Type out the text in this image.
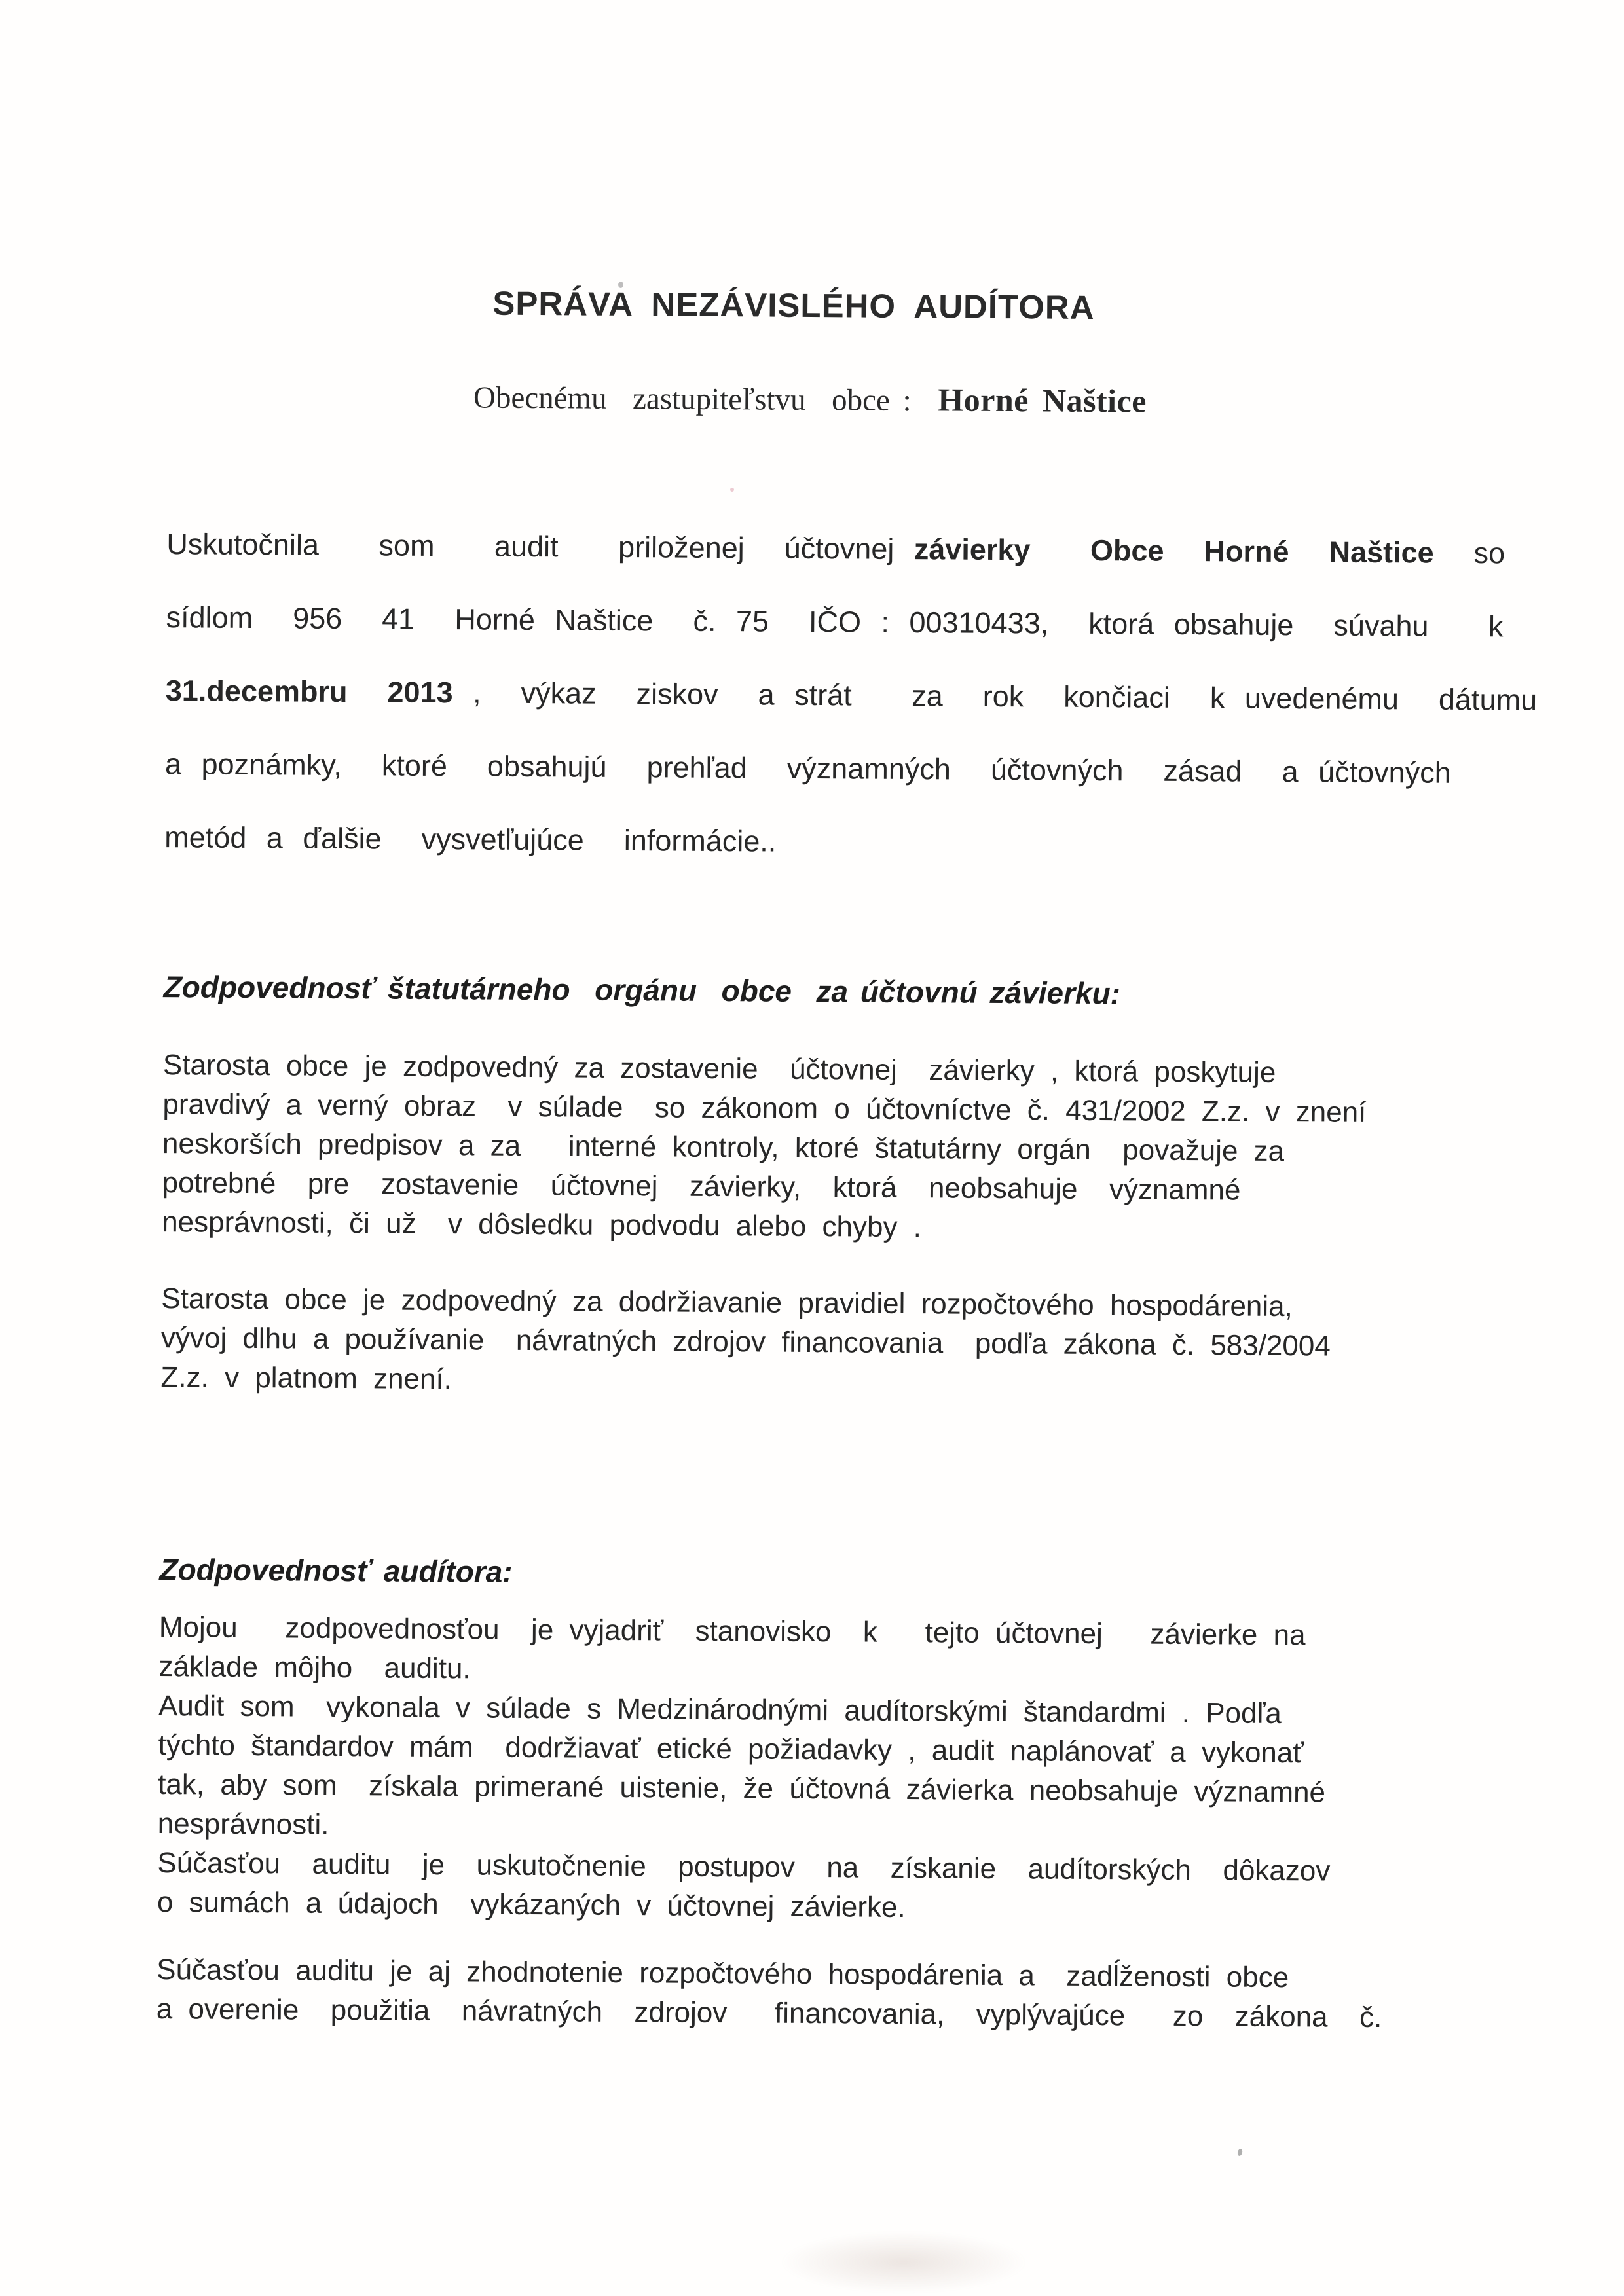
SPRÁVA NEZÁVISLÉHO AUDÍTORA
Obecnému  zastupiteľstvu  obce :  Horné Naštice
Uskutočnila   som   audit   priloženej  účtovnej závierky   Obce  Horné  Naštice  so
sídlom  956  41  Horné Naštice  č. 75  IČO : 00310433,  ktorá obsahuje  súvahu   k
31.decembru  2013 ,  výkaz  ziskov  a strát   za  rok  končiaci  k uvedenému  dátumu
a poznámky,  ktoré  obsahujú  prehľad  významných  účtovných  zásad  a účtovných
metód a ďalšie  vysvetľujúce  informácie..
Zodpovednosť štatutárneho  orgánu  obce  za účtovnú závierku:
Starosta obce je zodpovedný za zostavenie  účtovnej  závierky , ktorá poskytuje
pravdivý a verný obraz  v súlade  so zákonom o účtovníctve č. 431/2002 Z.z. v znení
neskorších predpisov a za   interné kontroly, ktoré štatutárny orgán  považuje za
potrebné  pre  zostavenie  účtovnej  závierky,  ktorá  neobsahuje  významné
nesprávnosti, či už  v dôsledku podvodu alebo chyby .
Starosta obce je zodpovedný za dodržiavanie pravidiel rozpočtového hospodárenia,
vývoj dlhu a používanie  návratných zdrojov financovania  podľa zákona č. 583/2004
Z.z. v platnom znení.
Zodpovednosť audítora:
Mojou   zodpovednosťou  je vyjadriť  stanovisko  k   tejto účtovnej   závierke na
základe môjho  auditu.
Audit som  vykonala v súlade s Medzinárodnými audítorskými štandardmi . Podľa
týchto štandardov mám  dodržiavať etické požiadavky , audit naplánovať a vykonať
tak, aby som  získala primerané uistenie, že účtovná závierka neobsahuje významné
nesprávnosti.
Súčasťou  auditu  je  uskutočnenie  postupov  na  získanie  audítorských  dôkazov
o sumách a údajoch  vykázaných v účtovnej závierke.
Súčasťou auditu je aj zhodnotenie rozpočtového hospodárenia a  zadĺženosti obce
a overenie  použitia  návratných  zdrojov   financovania,  vyplývajúce   zo  zákona  č.
